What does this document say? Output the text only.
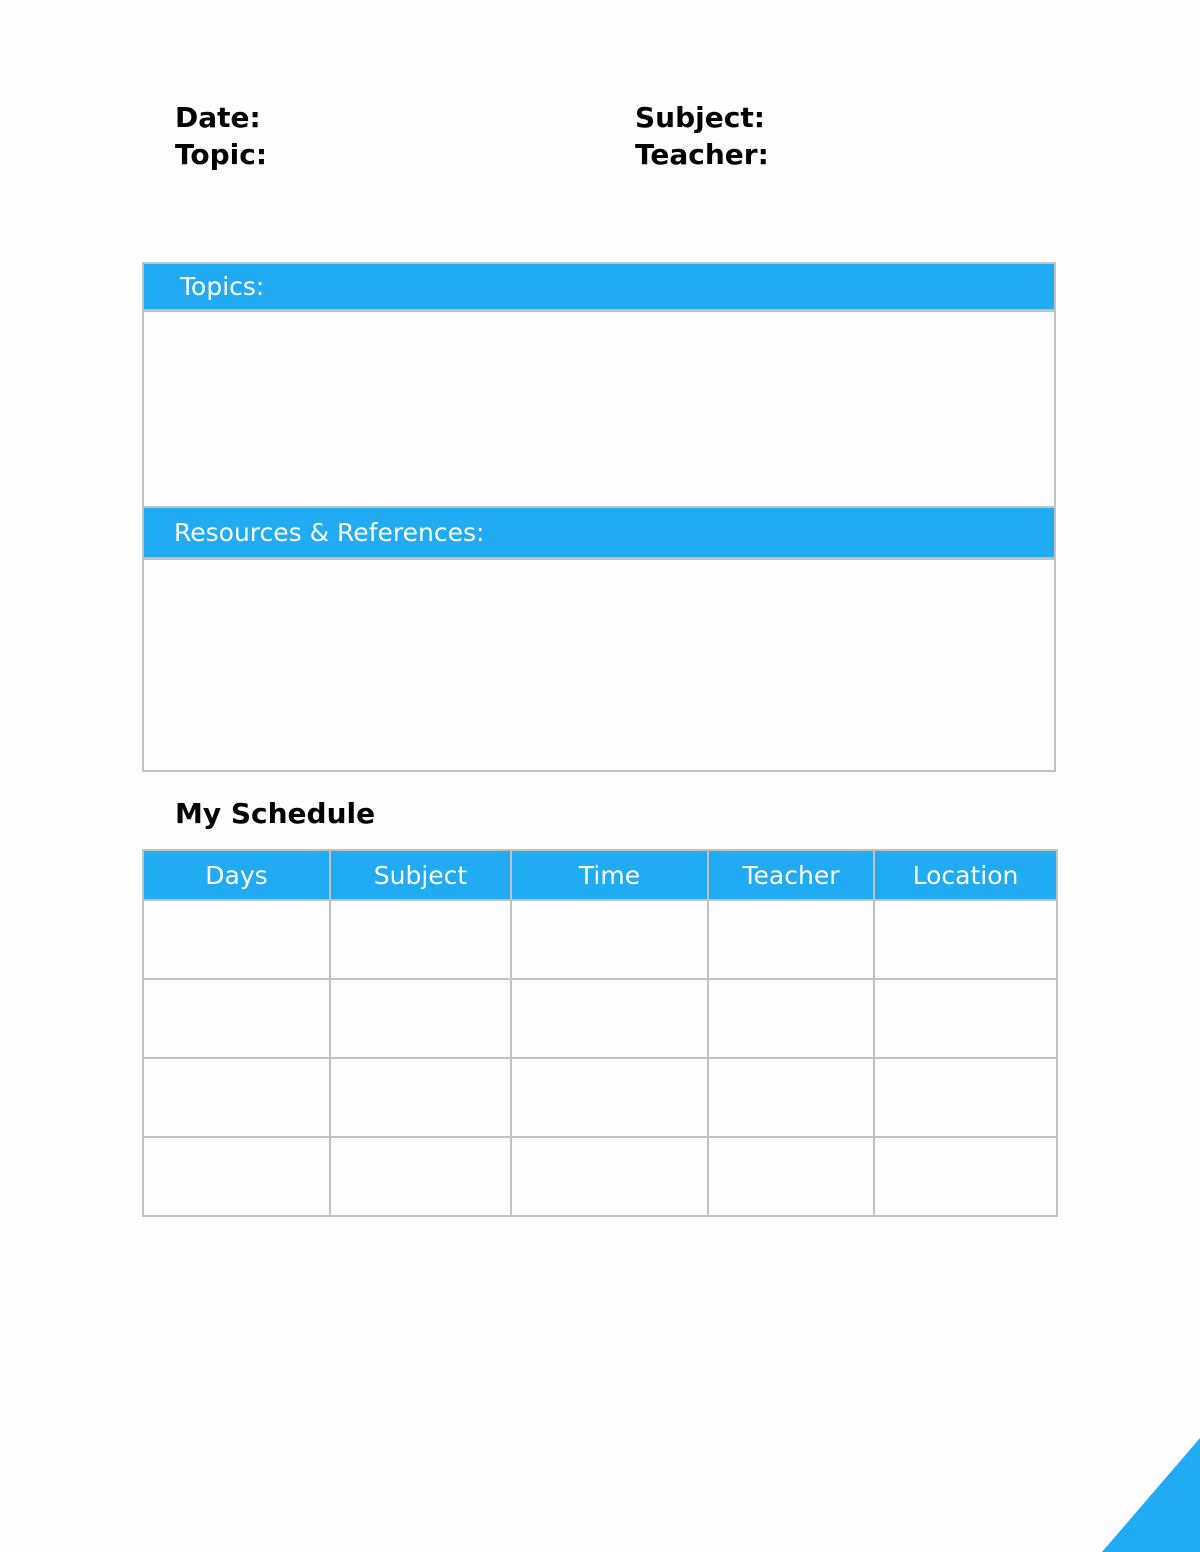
Date:
Topic:
Subject:
Teacher:
Topics:
Resources & References:
My Schedule
Days	Subject	Time	Teacher	Location
